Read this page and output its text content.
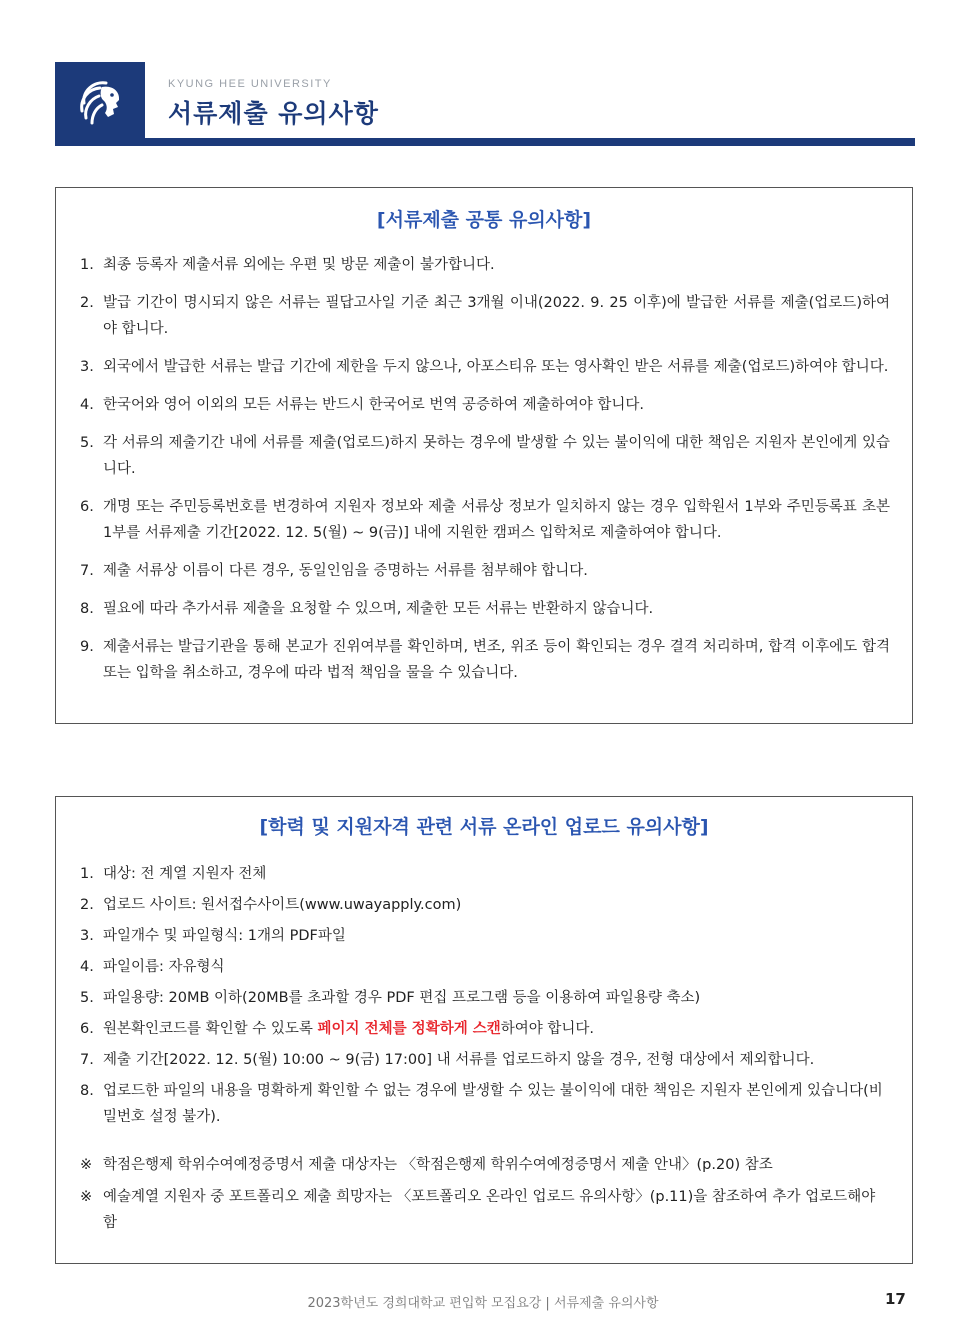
KYUNG HEE UNIVERSITY
서류제출 유의사항
[서류제출 공통 유의사항]
1. 최종 등록자 제출서류 외에는 우편 및 방문 제출이 불가합니다.
2. 발급 기간이 명시되지 않은 서류는 필답고사일 기준 최근 3개월 이내(2022. 9. 25 이후)에 발급한 서류를 제출(업로드)하여야 합니다.
3. 외국에서 발급한 서류는 발급 기간에 제한을 두지 않으나, 아포스티유 또는 영사확인 받은 서류를 제출(업로드)하여야 합니다.
4. 한국어와 영어 이외의 모든 서류는 반드시 한국어로 번역 공증하여 제출하여야 합니다.
5. 각 서류의 제출기간 내에 서류를 제출(업로드)하지 못하는 경우에 발생할 수 있는 불이익에 대한 책임은 지원자 본인에게 있습니다.
6. 개명 또는 주민등록번호를 변경하여 지원자 정보와 제출 서류상 정보가 일치하지 않는 경우 입학원서 1부와 주민등록표 초본 1부를 서류제출 기간[2022. 12. 5(월) ~ 9(금)] 내에 지원한 캠퍼스 입학처로 제출하여야 합니다.
7. 제출 서류상 이름이 다른 경우, 동일인임을 증명하는 서류를 첨부해야 합니다.
8. 필요에 따라 추가서류 제출을 요청할 수 있으며, 제출한 모든 서류는 반환하지 않습니다.
9. 제출서류는 발급기관을 통해 본교가 진위여부를 확인하며, 변조, 위조 등이 확인되는 경우 결격 처리하며, 합격 이후에도 합격 또는 입학을 취소하고, 경우에 따라 법적 책임을 물을 수 있습니다.
[학력 및 지원자격 관련 서류 온라인 업로드 유의사항]
1. 대상: 전 계열 지원자 전체
2. 업로드 사이트: 원서접수사이트(www.uwayapply.com)
3. 파일개수 및 파일형식: 1개의 PDF파일
4. 파일이름: 자유형식
5. 파일용량: 20MB 이하(20MB를 초과할 경우 PDF 편집 프로그램 등을 이용하여 파일용량 축소)
6. 원본확인코드를 확인할 수 있도록 페이지 전체를 정확하게 스캔하여야 합니다.
7. 제출 기간[2022. 12. 5(월) 10:00 ~ 9(금) 17:00] 내 서류를 업로드하지 않을 경우, 전형 대상에서 제외합니다.
8. 업로드한 파일의 내용을 명확하게 확인할 수 없는 경우에 발생할 수 있는 불이익에 대한 책임은 지원자 본인에게 있습니다(비밀번호 설정 불가).
※ 학점은행제 학위수여예정증명서 제출 대상자는 〈학점은행제 학위수여예정증명서 제출 안내〉(p.20) 참조
※ 예술계열 지원자 중 포트폴리오 제출 희망자는 〈포트폴리오 온라인 업로드 유의사항〉(p.11)을 참조하여 추가 업로드해야 함
2023학년도 경희대학교 편입학 모집요강 | 서류제출 유의사항	17
